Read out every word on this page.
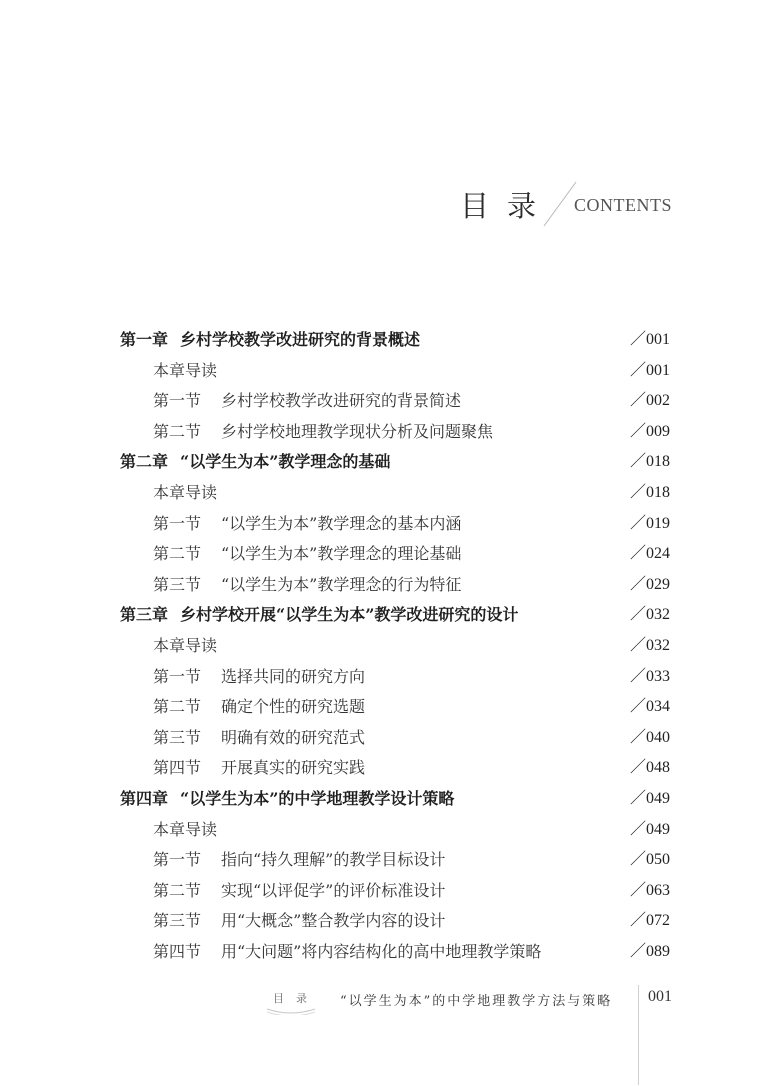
目录 CONTENTS
第一章 乡村学校教学改进研究的背景概述	／001
本章导读	／001
第一节 乡村学校教学改进研究的背景简述	／002
第二节 乡村学校地理教学现状分析及问题聚焦	／009
第二章 “以学生为本”教学理念的基础	／018
本章导读	／018
第一节 “以学生为本”教学理念的基本内涵	／019
第二节 “以学生为本”教学理念的理论基础	／024
第三节 “以学生为本”教学理念的行为特征	／029
第三章 乡村学校开展“以学生为本”教学改进研究的设计	／032
本章导读	／032
第一节 选择共同的研究方向	／033
第二节 确定个性的研究选题	／034
第三节 明确有效的研究范式	／040
第四节 开展真实的研究实践	／048
第四章 “以学生为本”的中学地理教学设计策略	／049
本章导读	／049
第一节 指向“持久理解”的教学目标设计	／050
第二节 实现“以评促学”的评价标准设计	／063
第三节 用“大概念”整合教学内容的设计	／072
第四节 用“大问题”将内容结构化的高中地理教学策略	／089
目录 “以学生为本”的中学地理教学方法与策略 001
